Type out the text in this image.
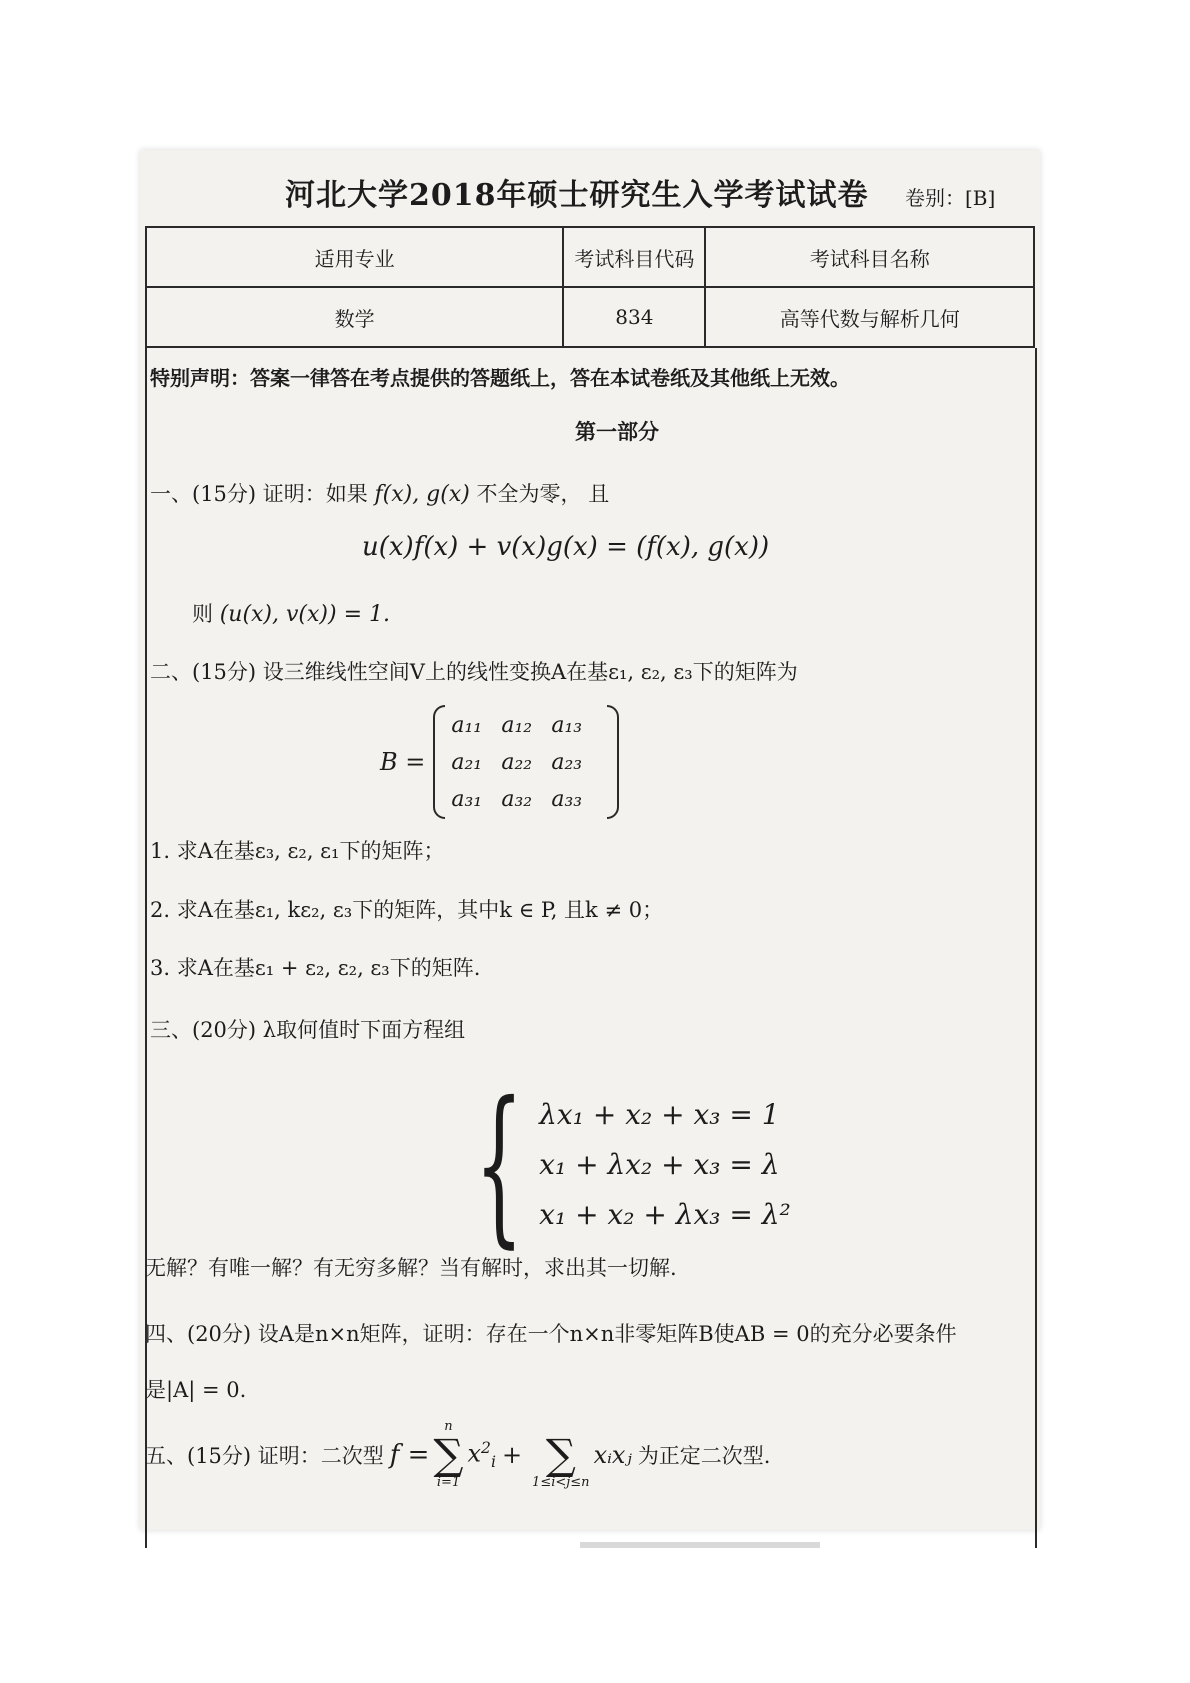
河北大学2018年硕士研究生入学考试试卷 卷别：[B]
适用专业	考试科目代码	考试科目名称
数学	834	高等代数与解析几何
特别声明：答案一律答在考点提供的答题纸上，答在本试卷纸及其他纸上无效。
第一部分
一、(15分) 证明：如果 f(x), g(x) 不全为零， 且
u(x)f(x) + v(x)g(x) = (f(x), g(x))
则 (u(x), v(x)) = 1.
二、(15分) 设三维线性空间V上的线性变换A在基ε₁, ε₂, ε₃下的矩阵为
B =
a₁₁ a₁₂ a₁₃
a₂₁ a₂₂ a₂₃
a₃₁ a₃₂ a₃₃
1. 求A在基ε₃, ε₂, ε₁下的矩阵；
2. 求A在基ε₁, kε₂, ε₃下的矩阵，其中k ∈ P, 且k ≠ 0；
3. 求A在基ε₁ + ε₂, ε₂, ε₃下的矩阵.
三、(20分) λ取何值时下面方程组
{ λx₁ + x₂ + x₃ = 1
x₁ + λx₂ + x₃ = λ
x₁ + x₂ + λx₃ = λ²
无解？有唯一解？有无穷多解？当有解时，求出其一切解.
四、(20分) 设A是n×n矩阵，证明：存在一个n×n非零矩阵B使AB = 0的充分必要条件
是|A| = 0.
五、(15分) 证明：二次型 f =
n
∑
i=1
$x^2_i$ + ∑
1≤i<j≤n
xᵢxⱼ 为正定二次型.
